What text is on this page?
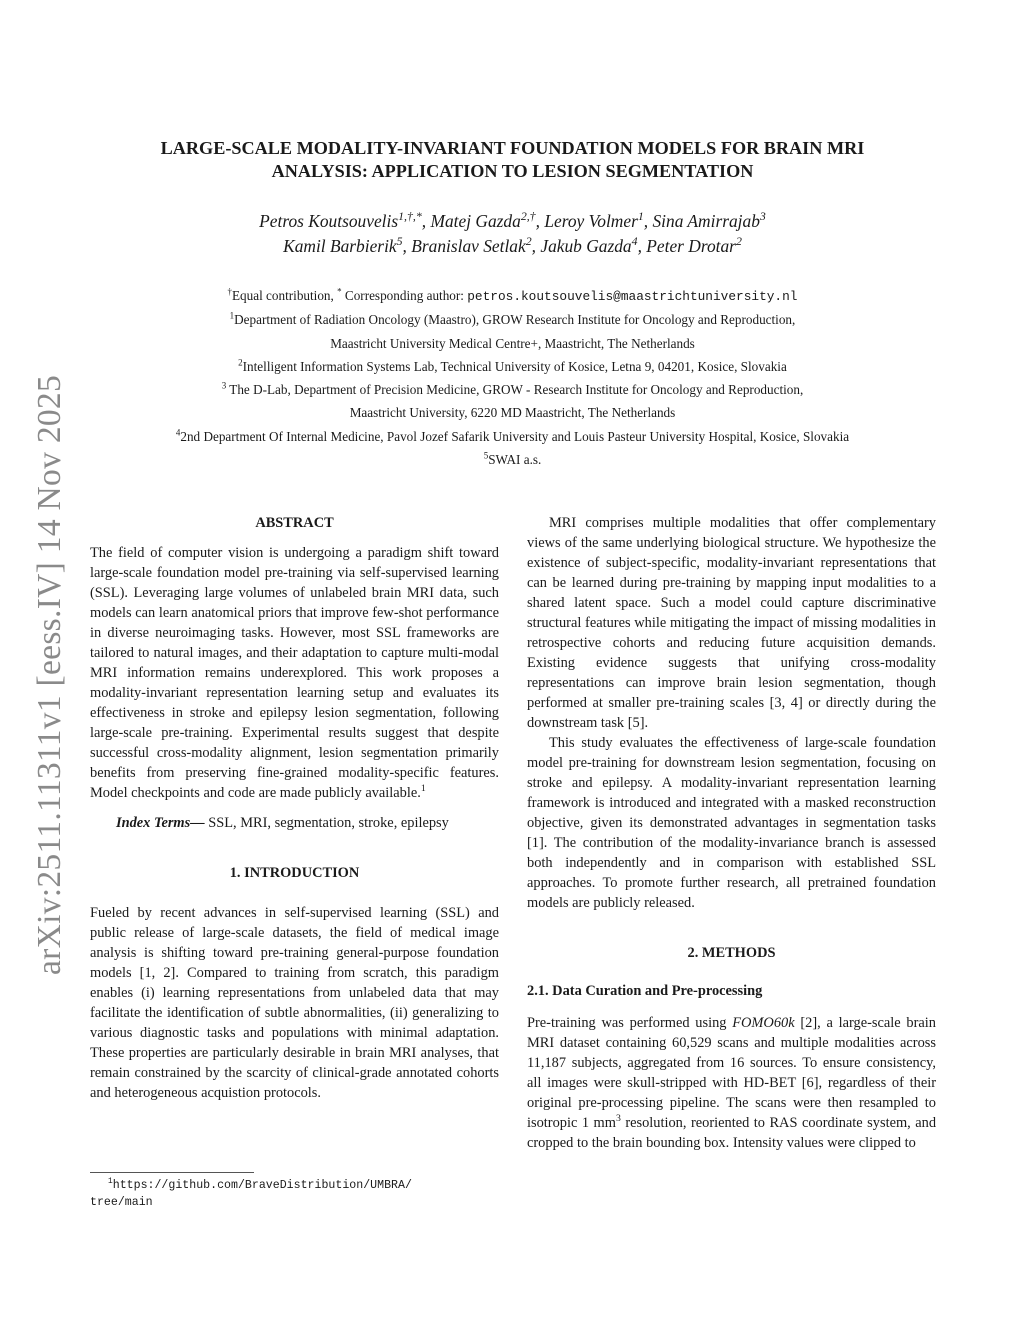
arXiv:2511.11311v1 [eess.IV] 14 Nov 2025
LARGE-SCALE MODALITY-INVARIANT FOUNDATION MODELS FOR BRAIN MRI
ANALYSIS: APPLICATION TO LESION SEGMENTATION
Petros Koutsouvelis$^{1,\dagger,*}$, Matej Gazda$^{2,\dagger}$, Leroy Volmer$^1$, Sina Amirrajab$^3$
Kamil Barbierik$^5$, Branislav Setlak$^2$, Jakub Gazda$^4$, Peter Drotar$^2$
†Equal contribution, * Corresponding author: petros.koutsouvelis@maastrichtuniversity.nl
$^1$Department of Radiation Oncology (Maastro), GROW Research Institute for Oncology and Reproduction,
Maastricht University Medical Centre+, Maastricht, The Netherlands
$^2$Intelligent Information Systems Lab, Technical University of Kosice, Letna 9, 04201, Kosice, Slovakia
$^3$ The D-Lab, Department of Precision Medicine, GROW - Research Institute for Oncology and Reproduction,
Maastricht University, 6220 MD Maastricht, The Netherlands
$^4$2nd Department Of Internal Medicine, Pavol Jozef Safarik University and Louis Pasteur University Hospital, Kosice, Slovakia
$^5$SWAI a.s.
ABSTRACT

The field of computer vision is undergoing a paradigm shift toward large-scale foundation model pre-training via self-supervised learning (SSL). Leveraging large volumes of unlabeled brain MRI data, such models can learn anatomical priors that improve few-shot performance in diverse neuroimaging tasks. However, most SSL frameworks are tailored to natural images, and their adaptation to capture multi-modal MRI information remains underexplored. This work proposes a modality-invariant representation learning setup and evaluates its effectiveness in stroke and epilepsy lesion segmentation, following large-scale pre-training. Experimental results suggest that despite successful cross-modality alignment, lesion segmentation primarily benefits from preserving fine-grained modality-specific features. Model checkpoints and code are made publicly available.$^1$

Index Terms— SSL, MRI, segmentation, stroke, epilepsy

1. INTRODUCTION

Fueled by recent advances in self-supervised learning (SSL) and public release of large-scale datasets, the field of medical image analysis is shifting toward pre-training general-purpose foundation models [1, 2]. Compared to training from scratch, this paradigm enables (i) learning representations from unlabeled data that may facilitate the identification of subtle abnormalities, (ii) generalizing to various diagnostic tasks and populations with minimal adaptation. These properties are particularly desirable in brain MRI analyses, that remain constrained by the scarcity of clinical-grade annotated cohorts and heterogeneous acquistion protocols.

$^1$https://github.com/BraveDistribution/UMBRA/
tree/main

MRI comprises multiple modalities that offer complementary views of the same underlying biological structure. We hypothesize the existence of subject-specific, modality-invariant representations that can be learned during pre-training by mapping input modalities to a shared latent space. Such a model could capture discriminative structural features while mitigating the impact of missing modalities in retrospective cohorts and reducing future acquisition demands. Existing evidence suggests that unifying cross-modality representations can improve brain lesion segmentation, though performed at smaller pre-training scales [3, 4] or directly during the downstream task [5].

This study evaluates the effectiveness of large-scale foundation model pre-training for downstream lesion segmentation, focusing on stroke and epilepsy. A modality-invariant representation learning framework is introduced and integrated with a masked reconstruction objective, given its demonstrated advantages in segmentation tasks [1]. The contribution of the modality-invariance branch is assessed both independently and in comparison with established SSL approaches. To promote further research, all pretrained foundation models are publicly released.

2. METHODS
2.1. Data Curation and Pre-processing

Pre-training was performed using FOMO60k [2], a large-scale brain MRI dataset containing 60,529 scans and multiple modalities across 11,187 subjects, aggregated from 16 sources. To ensure consistency, all images were skull-stripped with HD-BET [6], regardless of their original pre-processing pipeline. The scans were then resampled to isotropic 1 $mm^3$ resolution, reoriented to RAS coordinate system, and cropped to the brain bounding box. Intensity values were clipped to
